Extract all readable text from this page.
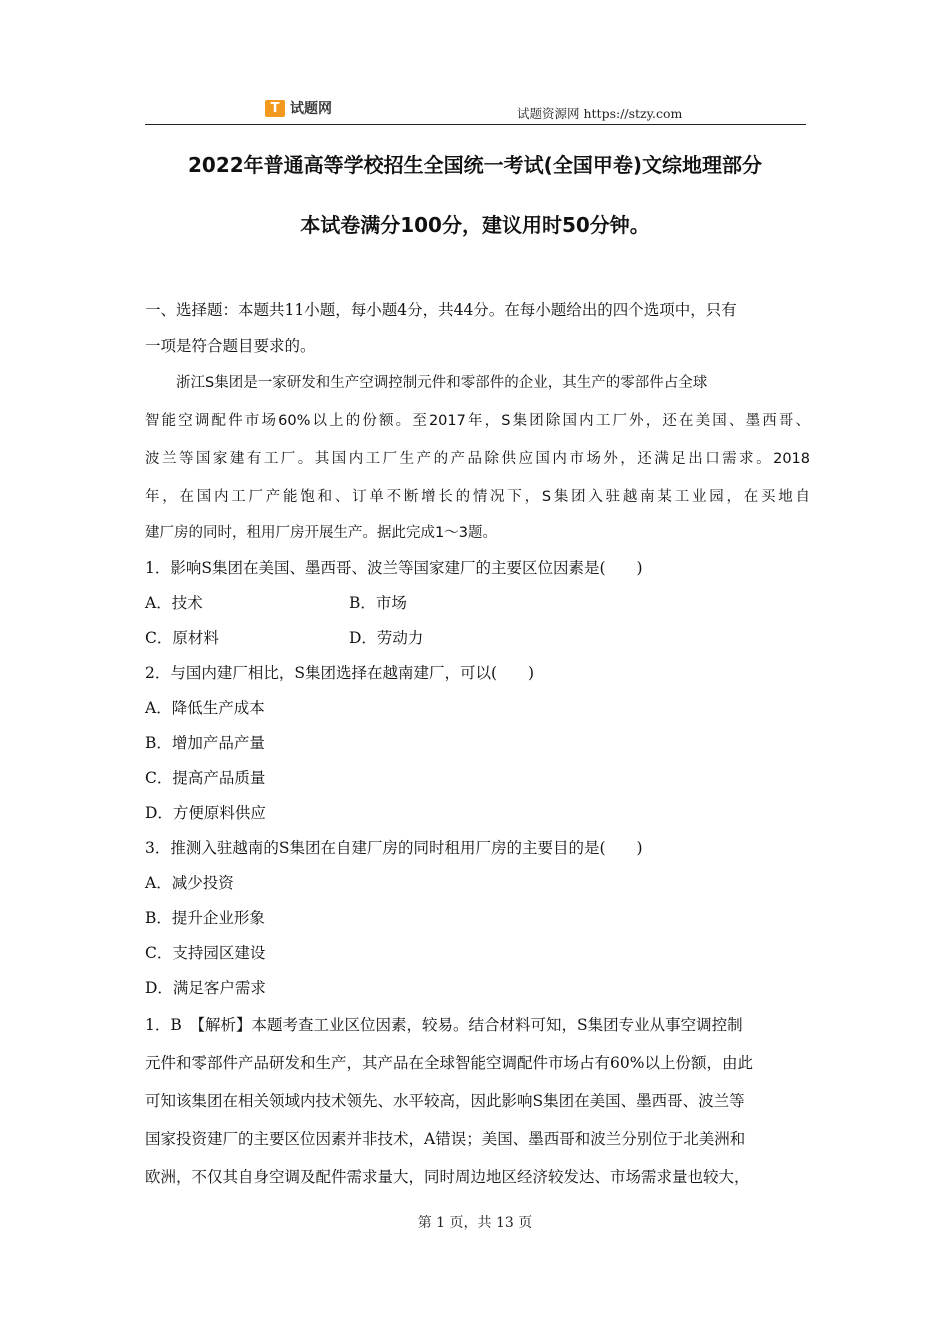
T 试题网	试题资源网 https://stzy.com
2022年普通高等学校招生全国统一考试(全国甲卷)文综地理部分
本试卷满分100分，建议用时50分钟。
一、选择题：本题共11小题，每小题4分，共44分。在每小题给出的四个选项中，只有
一项是符合题目要求的。
浙江S集团是一家研发和生产空调控制元件和零部件的企业，其生产的零部件占全球
智能空调配件市场60%以上的份额。至2017年，S集团除国内工厂外，还在美国、墨西哥、
波兰等国家建有工厂。其国内工厂生产的产品除供应国内市场外，还满足出口需求。2018
年，在国内工厂产能饱和、订单不断增长的情况下，S集团入驻越南某工业园，在买地自
建厂房的同时，租用厂房开展生产。据此完成1～3题。
1．影响S集团在美国、墨西哥、波兰等国家建厂的主要区位因素是(　　)
A．技术	B．市场
C．原材料	D．劳动力
2．与国内建厂相比，S集团选择在越南建厂，可以(　　)
A．降低生产成本
B．增加产品产量
C．提高产品质量
D．方便原料供应
3．推测入驻越南的S集团在自建厂房的同时租用厂房的主要目的是(　　)
A．减少投资
B．提升企业形象
C．支持园区建设
D．满足客户需求
1．B　【解析】本题考查工业区位因素，较易。结合材料可知，S集团专业从事空调控制
元件和零部件产品研发和生产，其产品在全球智能空调配件市场占有60%以上份额，由此
可知该集团在相关领域内技术领先、水平较高，因此影响S集团在美国、墨西哥、波兰等
国家投资建厂的主要区位因素并非技术，A错误；美国、墨西哥和波兰分别位于北美洲和
欧洲，不仅其自身空调及配件需求量大，同时周边地区经济较发达、市场需求量也较大，
第 1 页，共 13 页
